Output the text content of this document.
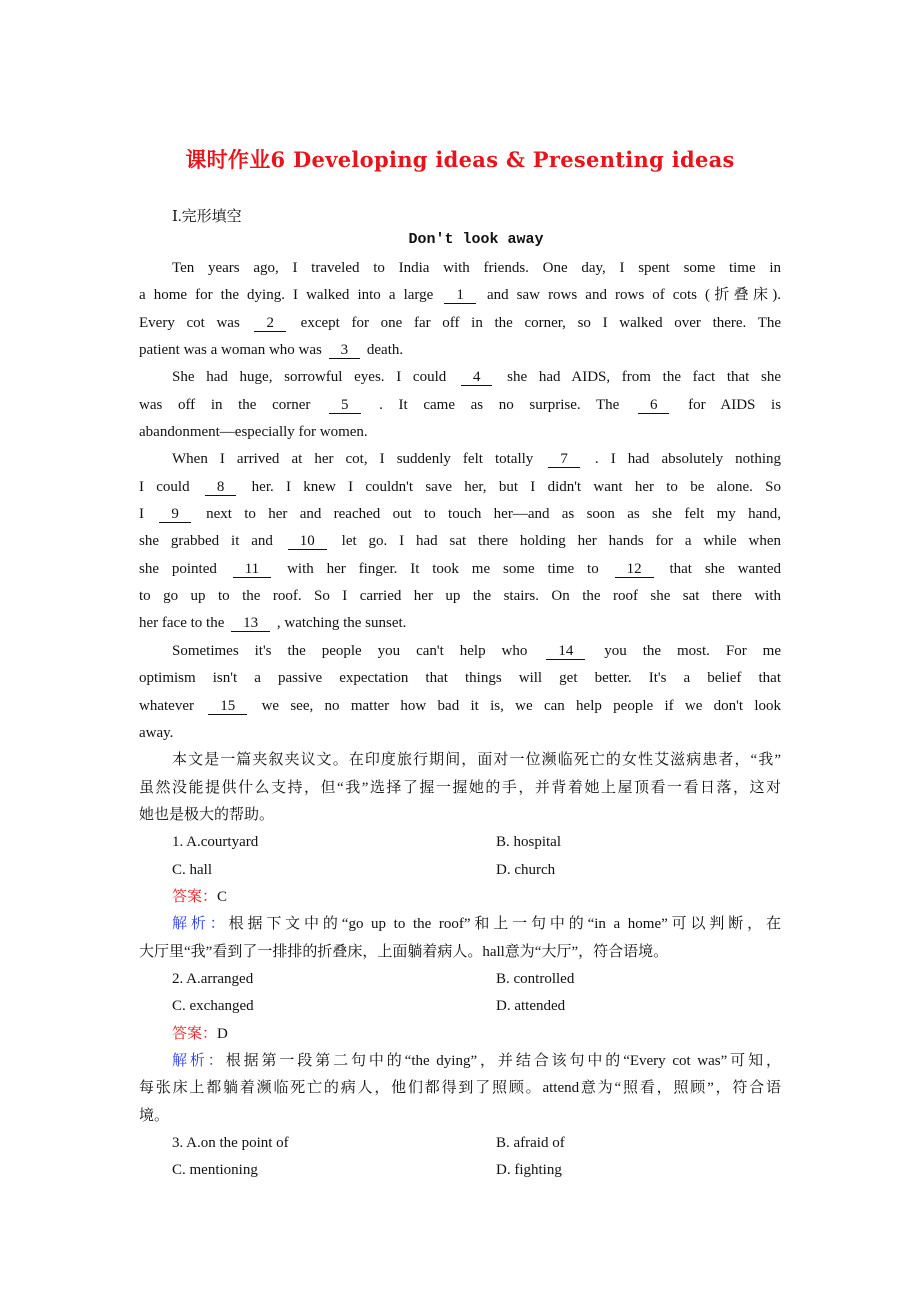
课时作业6 Developing ideas & Presenting ideas
Ⅰ.完形填空
Don't look away
Ten years ago, I traveled to India with friends. One day, I spent some time in
a home for the dying. I walked into a large 1 and saw rows and rows of cots (折叠床).
Every cot was 2 except for one far off in the corner, so I walked over there. The
patient was a woman who was 3 death.
She had huge, sorrowful eyes. I could 4 she had AIDS, from the fact that she
was off in the corner 5 . It came as no surprise. The 6 for AIDS is
abandonment—especially for women.
When I arrived at her cot, I suddenly felt totally 7 . I had absolutely nothing
I could 8 her. I knew I couldn't save her, but I didn't want her to be alone. So
I 9 next to her and reached out to touch her—and as soon as she felt my hand,
she grabbed it and 10 let go. I had sat there holding her hands for a while when
she pointed 11 with her finger. It took me some time to 12 that she wanted
to go up to the roof. So I carried her up the stairs. On the roof she sat there with
her face to the 13 , watching the sunset.
Sometimes it's the people you can't help who 14 you the most. For me
optimism isn't a passive expectation that things will get better. It's a belief that
whatever 15 we see, no matter how bad it is, we can help people if we don't look
away.
本文是一篇夹叙夹议文。在印度旅行期间，面对一位濒临死亡的女性艾滋病患者，“我”
虽然没能提供什么支持，但“我”选择了握一握她的手，并背着她上屋顶看一看日落，这对
她也是极大的帮助。
1. A.courtyard	B. hospital
C. hall	D. church
答案：C
解析：根据下文中的“go up to the roof”和上一句中的“in a home”可以判断，在
大厅里“我”看到了一排排的折叠床，上面躺着病人。hall意为“大厅”，符合语境。
2. A.arranged	B. controlled
C. exchanged	D. attended
答案：D
解析：根据第一段第二句中的“the dying”，并结合该句中的“Every cot was”可知，
每张床上都躺着濒临死亡的病人，他们都得到了照顾。attend意为“照看，照顾”，符合语
境。
3. A.on the point of	B. afraid of
C. mentioning	D. fighting
